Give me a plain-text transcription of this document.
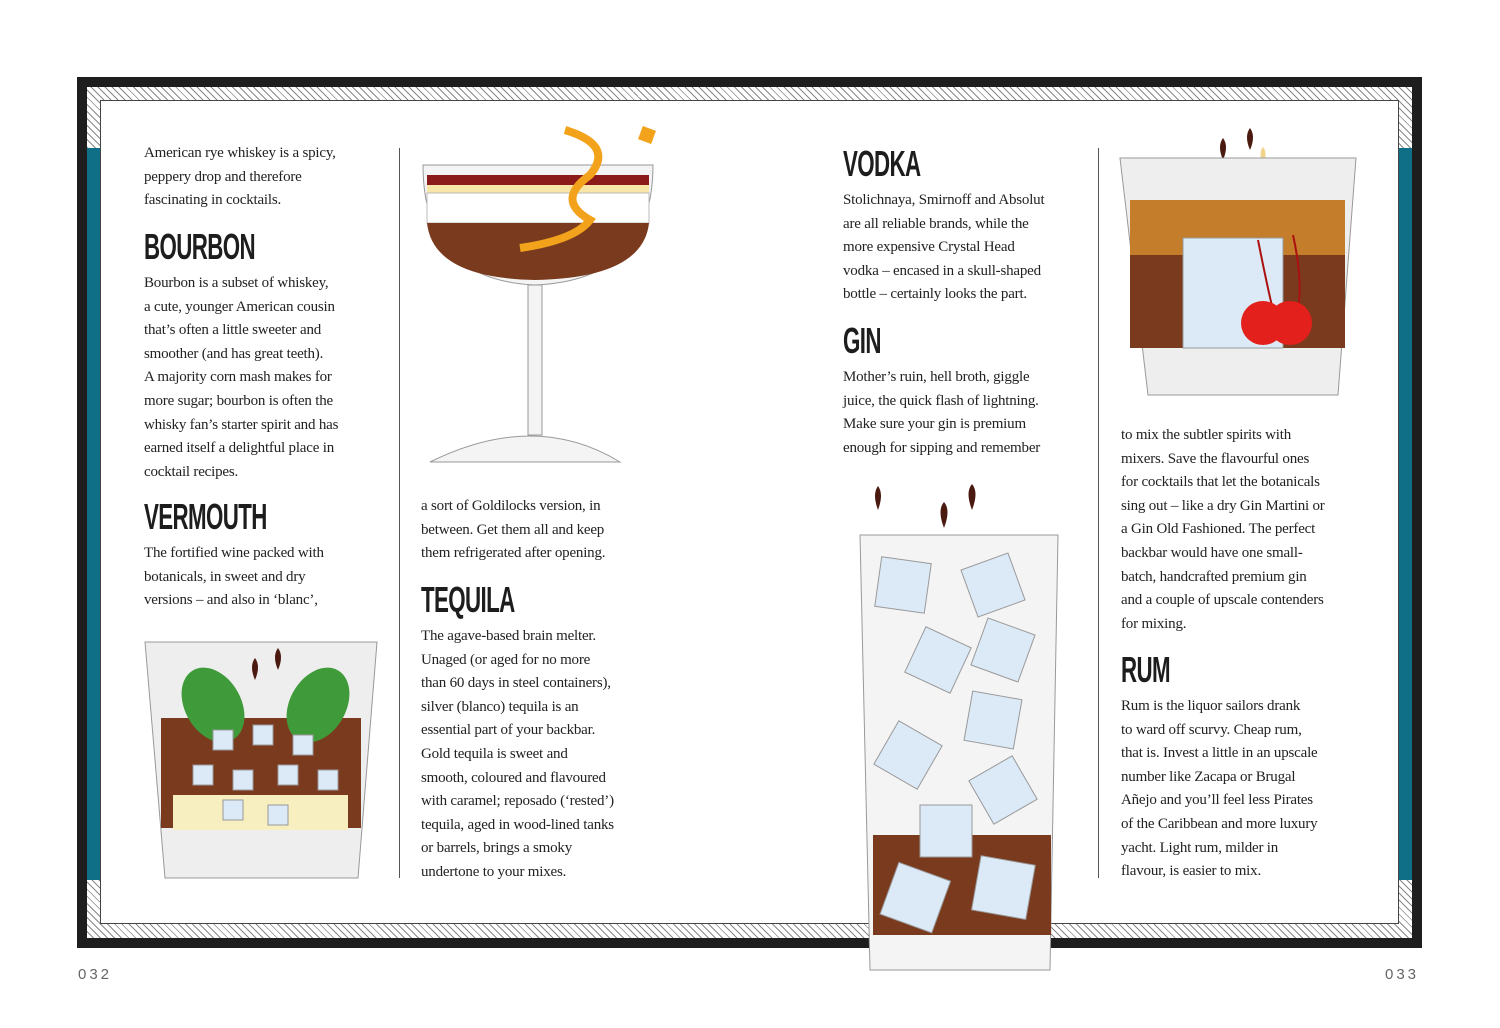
American rye whiskey is a spicy,
peppery drop and therefore
fascinating in cocktails.
BOURBON
Bourbon is a subset of whiskey,
a cute, younger American cousin
that’s often a little sweeter and
smoother (and has great teeth).
A majority corn mash makes for
more sugar; bourbon is often the
whisky fan’s starter spirit and has
earned itself a delightful place in
cocktail recipes.
VERMOUTH
The fortified wine packed with
botanicals, in sweet and dry
versions – and also in ‘blanc’,
a sort of Goldilocks version, in
between. Get them all and keep
them refrigerated after opening.
TEQUILA
The agave-based brain melter.
Unaged (or aged for no more
than 60 days in steel containers),
silver (blanco) tequila is an
essential part of your backbar.
Gold tequila is sweet and
smooth, coloured and flavoured
with caramel; reposado (‘rested’)
tequila, aged in wood-lined tanks
or barrels, brings a smoky
undertone to your mixes.
VODKA
Stolichnaya, Smirnoff and Absolut
are all reliable brands, while the
more expensive Crystal Head
vodka – encased in a skull-shaped
bottle – certainly looks the part.
GIN
Mother’s ruin, hell broth, giggle
juice, the quick flash of lightning.
Make sure your gin is premium
enough for sipping and remember
to mix the subtler spirits with
mixers. Save the flavourful ones
for cocktails that let the botanicals
sing out – like a dry Gin Martini or
a Gin Old Fashioned. The perfect
backbar would have one small-
batch, handcrafted premium gin
and a couple of upscale contenders
for mixing.
RUM
Rum is the liquor sailors drank
to ward off scurvy. Cheap rum,
that is. Invest a little in an upscale
number like Zacapa or Brugal
Añejo and you’ll feel less Pirates
of the Caribbean and more luxury
yacht. Light rum, milder in
flavour, is easier to mix.
032	033
